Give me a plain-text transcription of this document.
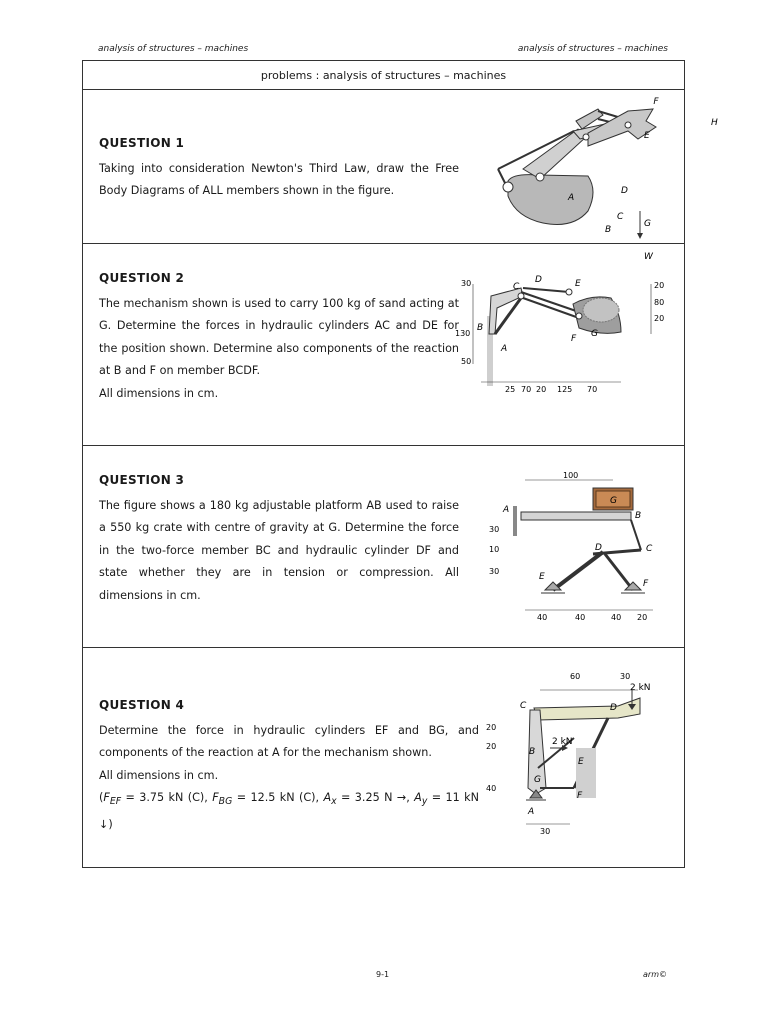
analysis of structures – machines	analysis of structures – machines
problems : analysis of structures – machines
QUESTION 1
Taking into consideration Newton's Third Law, draw the Free Body Diagrams of ALL members shown in the figure.
F
E
H
A
D
C
G
B
W
QUESTION 2

The mechanism shown is used to carry 100 kg of sand acting at G. Determine the forces in hydraulic cylinders AC and DE for the position shown. Determine also components of the reaction at B and F on member BCDF.

All dimensions in cm.

D	E
C
B
A
F G
30
130
50
20
80
20
25 70 20 125 70
QUESTION 3
The figure shows a 180 kg adjustable platform AB used to raise a 550 kg crate with centre of gravity at G. Determine the force in the two-force member BC and hydraulic cylinder DF and state whether they are in tension or compression. All dimensions in cm.
100
A
B
G
D	C
E
F
30
10
30
40	40	40 20
QUESTION 4

Determine the force in hydraulic cylinders EF and BG, and components of the reaction at A for the mechanism shown.

All dimensions in cm.

($F_{EF} = 3.75$ kN (C), $F_{BG} = 12.5$ kN (C), $A_x = 3.25$ N →, $A_y = 11$ kN ↓)

60	30
C	D
B
E
G
F
A
20
20
40
30
2 kN
2 kN
9-1	arm©
